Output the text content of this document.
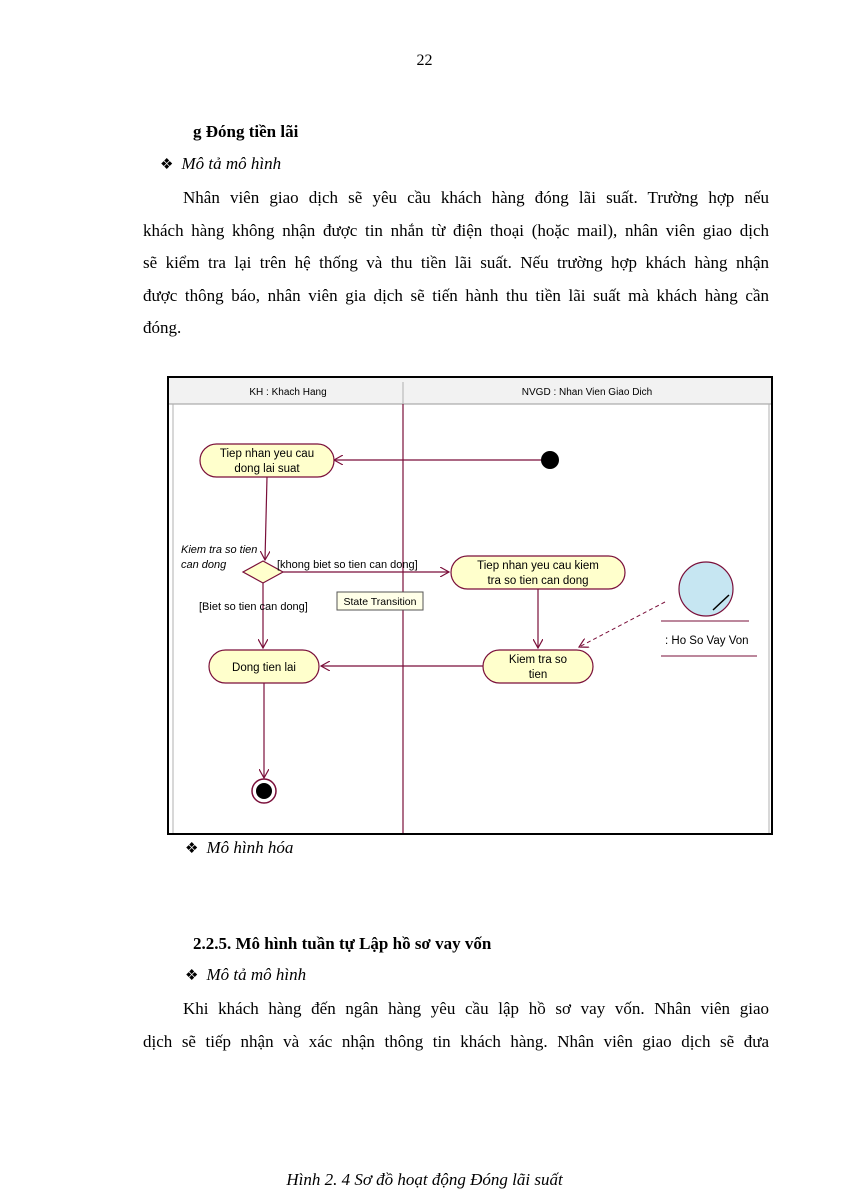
22
g Đóng tiền lãi
❖ Mô tả mô hình
Nhân viên giao dịch sẽ yêu cầu khách hàng đóng lãi suất. Trường hợp nếu
khách hàng không nhận được tin nhắn từ điện thoại (hoặc mail), nhân viên giao dịch
sẽ kiểm tra lại trên hệ thống và thu tiền lãi suất. Nếu trường hợp khách hàng nhận
được thông báo, nhân viên gia dịch sẽ tiến hành thu tiền lãi suất mà khách hàng cần
đóng.
KH : Khach Hang	NVGD : Nhan Vien Giao Dich
Tiep nhan yeu cau
dong lai suat
Kiem tra so tien
can dong	[khong biet so tien can dong]
[Biet so tien can dong]	State Transition
Tiep nhan yeu cau kiem
tra so tien can dong
Kiem tra so
tien
: Ho So Vay Von
Dong tien lai
❖ Mô hình hóa
2.2.5. Mô hình tuần tự Lập hồ sơ vay vốn
❖ Mô tả mô hình
Khi khách hàng đến ngân hàng yêu cầu lập hồ sơ vay vốn. Nhân viên giao
dịch sẽ tiếp nhận và xác nhận thông tin khách hàng. Nhân viên giao dịch sẽ đưa
Hình 2. 4 Sơ đồ hoạt động Đóng lãi suất
